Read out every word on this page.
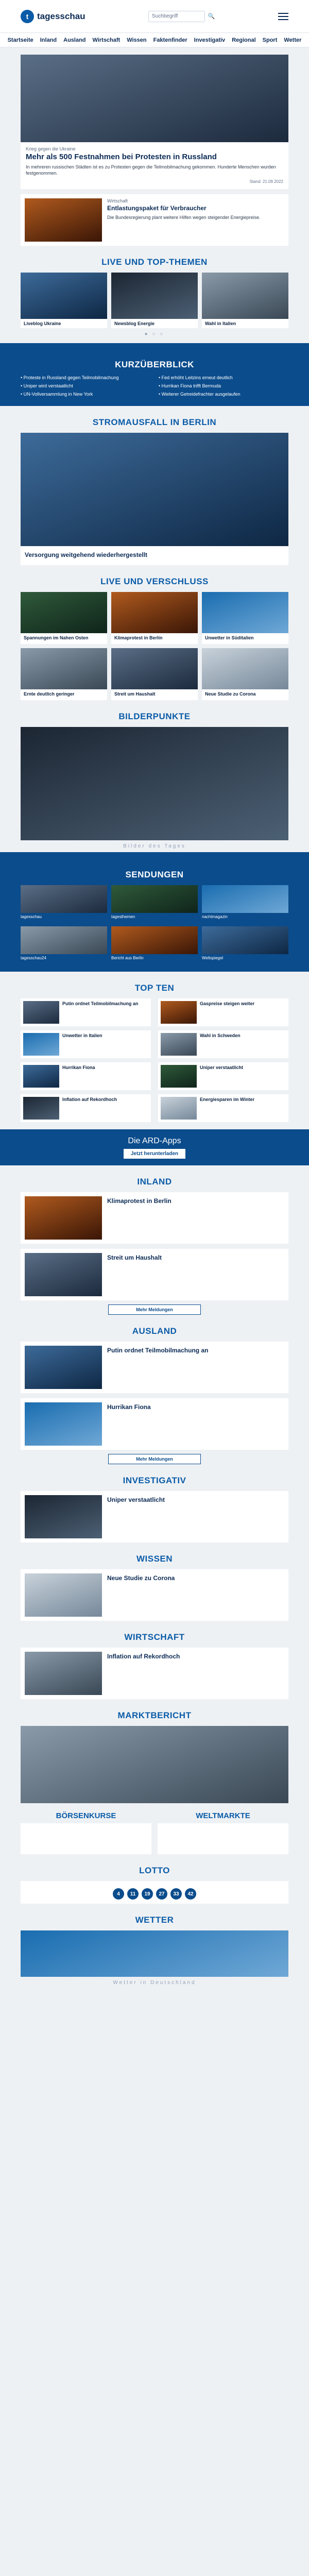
t tagesschau	Suchbegriff	🔍
Startseite Inland Ausland Wirtschaft Wissen Faktenfinder Investigativ Regional Sport Wetter
Krieg gegen die Ukraine
Mehr als 500 Festnahmen bei Protesten in Russland

In mehreren russischen Städten ist es zu Protesten gegen die Teilmobilmachung gekommen. Hunderte Menschen wurden festgenommen.

Stand: 21.09.2022
Wirtschaft
Entlastungspaket für Verbraucher

Die Bundesregierung plant weitere Hilfen wegen steigender Energiepreise.

LIVE UND TOP-THEMEN
Liveblog Ukraine	Newsblog Energie	Wahl in Italien
● ○ ○
KURZÜBERBLICK
• Proteste in Russland gegen Teilmobilmachung	• Fed erhöht Leitzins erneut deutlich
• Uniper wird verstaatlicht	• Hurrikan Fiona trifft Bermuda
• UN-Vollversammlung in New York	• Weiterer Getreidefrachter ausgelaufen
STROMAUSFALL IN BERLIN
Versorgung weitgehend wiederhergestellt
LIVE UND VERSCHLUSS
Spannungen im Nahen Osten	Klimaprotest in Berlin	Unwetter in Süditalien
Ernte deutlich geringer	Streit um Haushalt	Neue Studie zu Corona
BILDERPUNKTE
Bilder des Tages
SENDUNGEN
tagesschau	tagesthemen	nachtmagazin
tagesschau24	Bericht aus Berlin	Weltspiegel
TOP TEN
Putin ordnet Teilmobilmachung an	Gaspreise steigen weiter
Unwetter in Italien	Wahl in Schweden
Hurrikan Fiona	Uniper verstaatlicht
Inflation auf Rekordhoch	Energiesparen im Winter
Die ARD-Apps
Jetzt herunterladen
INLAND
Klimaprotest in Berlin
Streit um Haushalt
Mehr Meldungen
AUSLAND
Putin ordnet Teilmobilmachung an
Hurrikan Fiona
Mehr Meldungen
INVESTIGATIV
Uniper verstaatlicht
WISSEN
Neue Studie zu Corona
WIRTSCHAFT
Inflation auf Rekordhoch
MARKTBERICHT
BÖRSENKURSE	WELTMARKTE
LOTTO
4	11	19	27	33	42
WETTER
Wetter in Deutschland
